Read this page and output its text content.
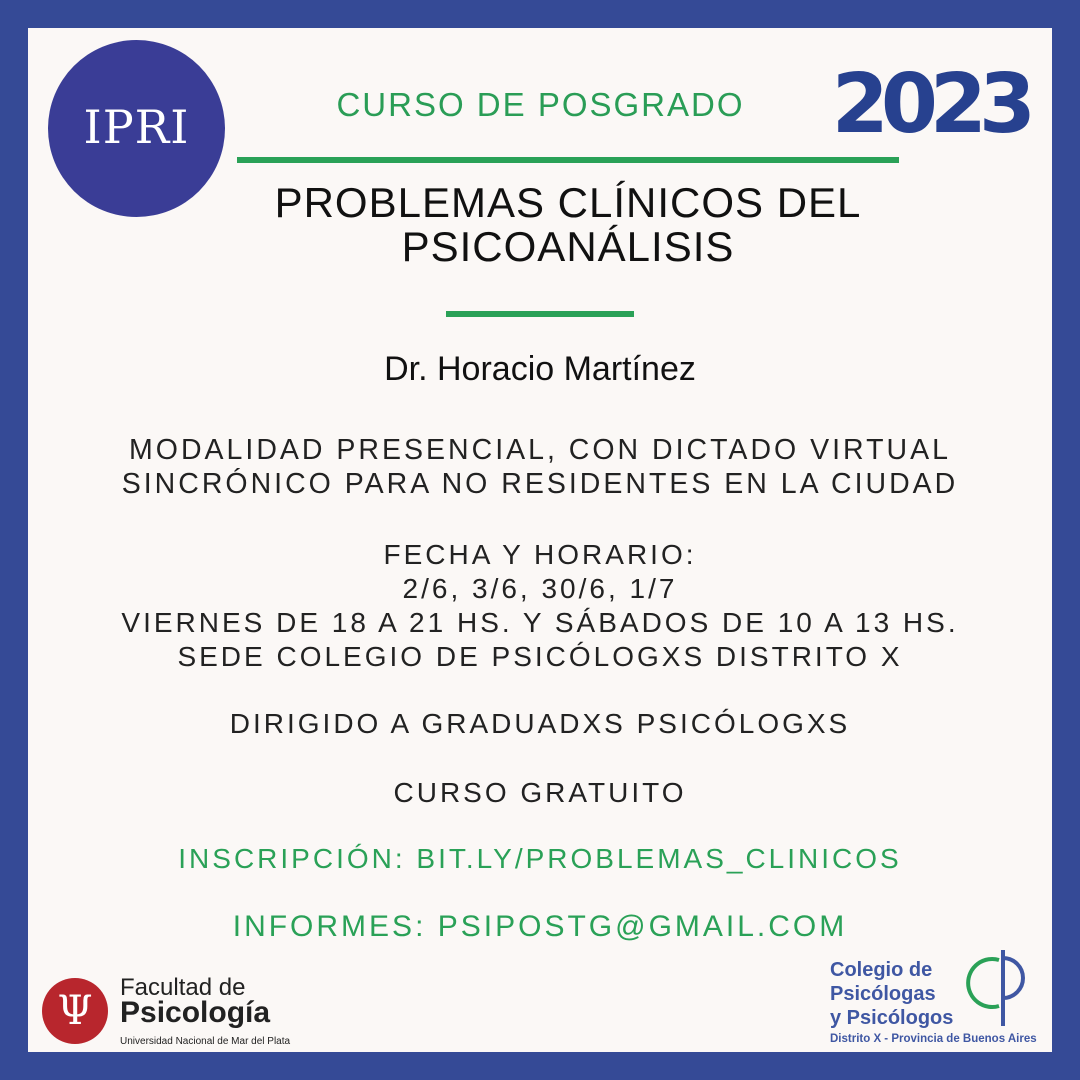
IPRI	CURSO DE POSGRADO	2023
PROBLEMAS CLÍNICOS DEL
PSICOANÁLISIS
Dr. Horacio Martínez
MODALIDAD PRESENCIAL, CON DICTADO VIRTUAL
SINCRÓNICO PARA NO RESIDENTES EN LA CIUDAD
FECHA Y HORARIO:
2/6, 3/6, 30/6, 1/7
VIERNES DE 18 A 21 HS. Y SÁBADOS DE 10 A 13 HS.
SEDE COLEGIO DE PSICÓLOGXS DISTRITO X
DIRIGIDO A GRADUADXS PSICÓLOGXS
CURSO GRATUITO
INSCRIPCIÓN: BIT.LY/PROBLEMAS_CLINICOS
INFORMES: PSIPOSTG@GMAIL.COM
Ψ
Facultad de
Psicología
Universidad Nacional de Mar del Plata
Colegio de
Psicólogas
y Psicólogos
Distrito X - Provincia de Buenos Aires
